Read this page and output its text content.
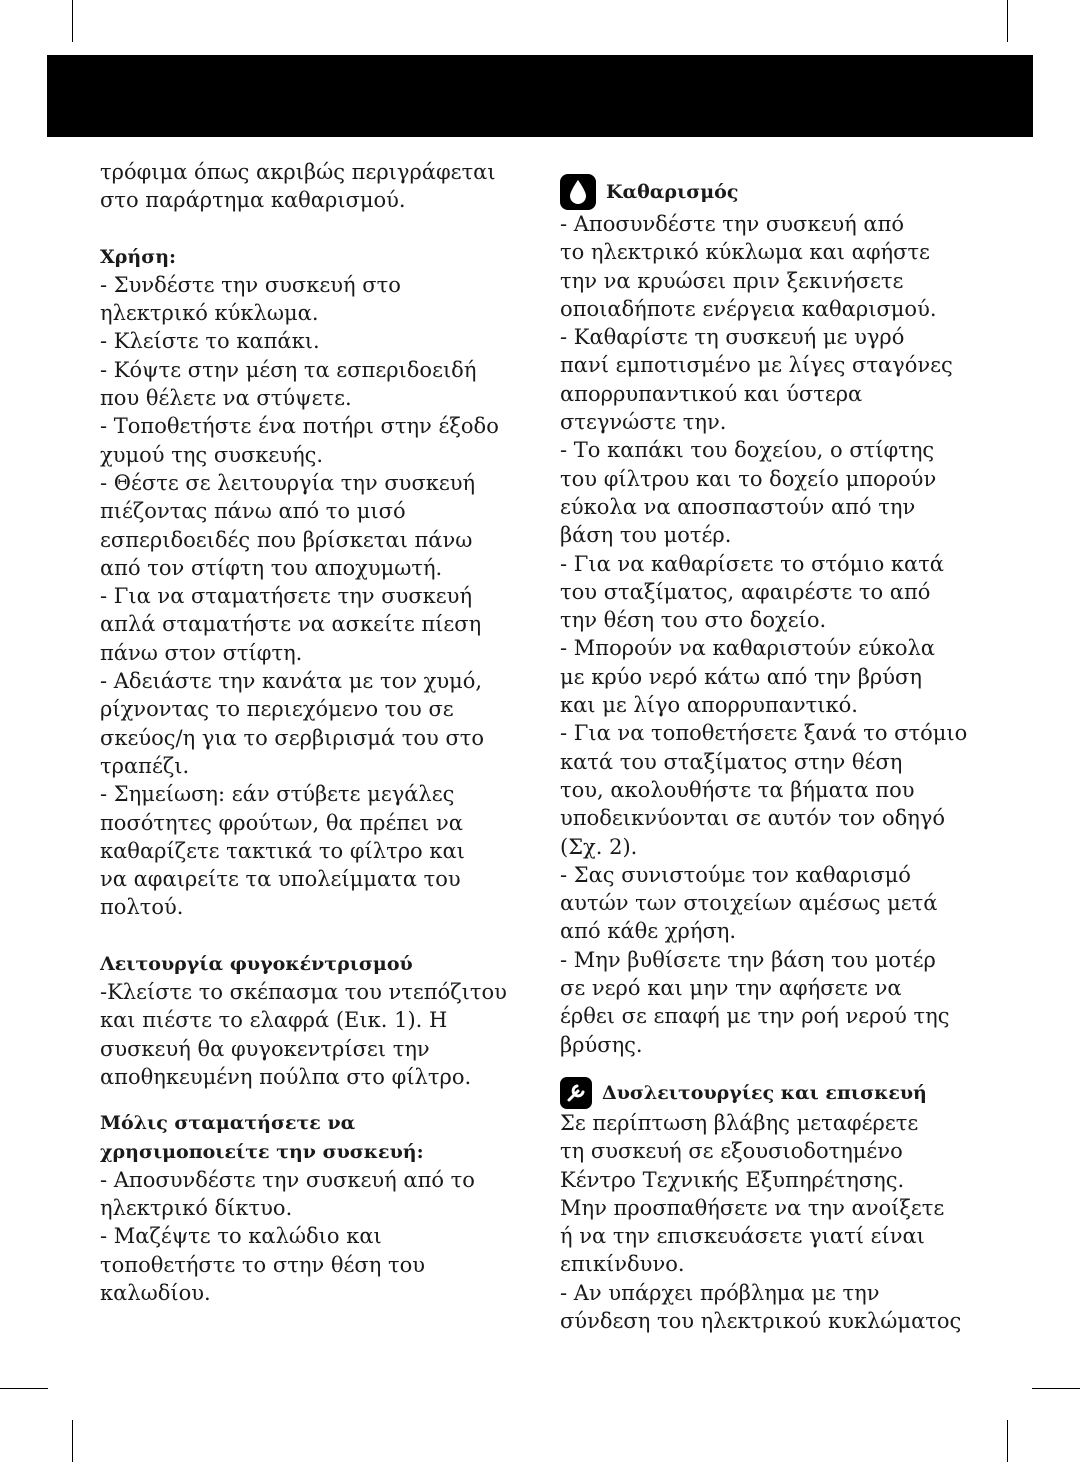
τρόφιμα όπως ακριβώς περιγράφεται

στο παράρτημα καθαρισμού.

Χρήση:

- Συνδέστε την συσκευή στο

ηλεκτρικό κύκλωμα.

- Κλείστε το καπάκι.

- Κόψτε στην μέση τα εσπεριδοειδή

που θέλετε να στύψετε.

- Τοποθετήστε ένα ποτήρι στην έξοδο

χυμού της συσκευής.

- Θέστε σε λειτουργία την συσκευή

πιέζοντας πάνω από το μισό

εσπεριδοειδές που βρίσκεται πάνω

από τον στίφτη του αποχυμωτή.

- Για να σταματήσετε την συσκευή

απλά σταματήστε να ασκείτε πίεση

πάνω στον στίφτη.

- Αδειάστε την κανάτα με τον χυμό,

ρίχνοντας το περιεχόμενο του σε

σκεύος/η για το σερβιρισμά του στο

τραπέζι.

- Σημείωση: εάν στύβετε μεγάλες

ποσότητες φρούτων, θα πρέπει να

καθαρίζετε τακτικά το φίλτρο και

να αφαιρείτε τα υπολείμματα του

πολτού.

Λειτουργία φυγοκέντρισμού

-Κλείστε το σκέπασμα του ντεπόζιτου

και πιέστε το ελαφρά (Εικ. 1). Η

συσκευή θα φυγοκεντρίσει την

αποθηκευμένη πούλπα στο φίλτρο.

Μόλις σταματήσετε να

χρησιμοποιείτε την συσκευή:

- Αποσυνδέστε την συσκευή από το

ηλεκτρικό δίκτυο.

- Μαζέψτε το καλώδιο και

τοποθετήστε το στην θέση του

καλωδίου.

Καθαρισμός

- Αποσυνδέστε την συσκευή από

το ηλεκτρικό κύκλωμα και αφήστε

την να κρυώσει πριν ξεκινήσετε

οποιαδήποτε ενέργεια καθαρισμού.

- Καθαρίστε τη συσκευή με υγρό

πανί εμποτισμένο με λίγες σταγόνες

απορρυπαντικού και ύστερα

στεγνώστε την.

- Το καπάκι του δοχείου, ο στίφτης

του φίλτρου και το δοχείο μπορούν

εύκολα να αποσπαστούν από την

βάση του μοτέρ.

- Για να καθαρίσετε το στόμιο κατά

του σταξίματος, αφαιρέστε το από

την θέση του στο δοχείο.

- Μπορούν να καθαριστούν εύκολα

με κρύο νερό κάτω από την βρύση

και με λίγο απορρυπαντικό.

- Για να τοποθετήσετε ξανά το στόμιο

κατά του σταξίματος στην θέση

του, ακολουθήστε τα βήματα που

υποδεικνύονται σε αυτόν τον οδηγό

(Σχ. 2).

- Σας συνιστούμε τον καθαρισμό

αυτών των στοιχείων αμέσως μετά

από κάθε χρήση.

- Μην βυθίσετε την βάση του μοτέρ

σε νερό και μην την αφήσετε να

έρθει σε επαφή με την ροή νερού της

βρύσης.

Δυσλειτουργίες και επισκευή

Σε περίπτωση βλάβης μεταφέρετε

τη συσκευή σε εξουσιοδοτημένο

Κέντρο Τεχνικής Εξυπηρέτησης.

Μην προσπαθήσετε να την ανοίξετε

ή να την επισκευάσετε γιατί είναι

επικίνδυνο.

- Αν υπάρχει πρόβλημα με την

σύνδεση του ηλεκτρικού κυκλώματος
